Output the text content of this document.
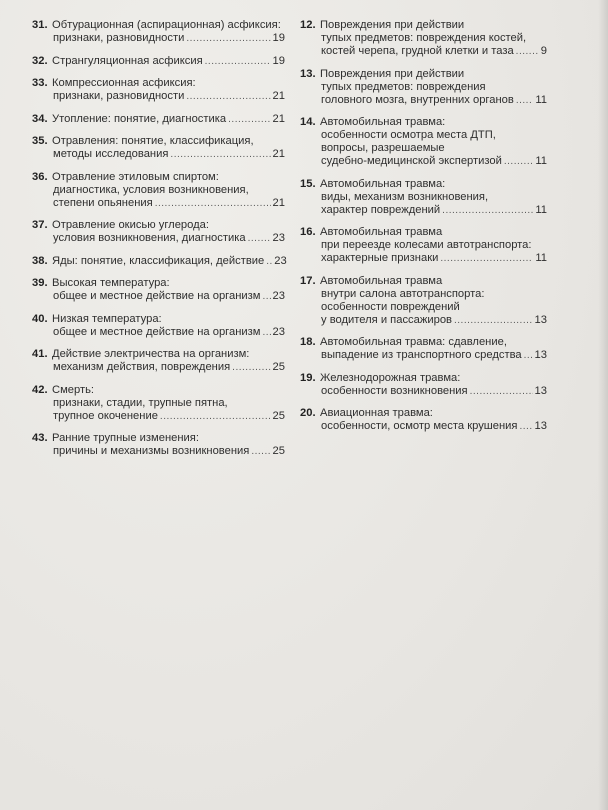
31. Обтурационная (аспирационная) асфиксия:
признаки, разновидности .....	19
32. Странгуляционная асфиксия .....	19
33. Компрессионная асфиксия:
признаки, разновидности .....	21
34. Утопление: понятие, диагностика .....	21
35. Отравления: понятие, классификация,
методы исследования .....	21
36. Отравление этиловым спиртом:
диагностика, условия возникновения,
степени опьянения .....	21
37. Отравление окисью углерода:
условия возникновения, диагностика ..... 23
38. Яды: понятие, классификация, действие ..... 23
39. Высокая температура:
общее и местное действие на организм ..... 23
40. Низкая температура:
общее и местное действие на организм ..... 23
41. Действие электричества на организм:
механизм действия, повреждения .....	25
42. Смерть:
признаки, стадии, трупные пятна,
трупное окоченение .....	25
43. Ранние трупные изменения:
причины и механизмы возникновения ..... 25
12. Повреждения при действии
тупых предметов: повреждения костей,
костей черепа, грудной клетки и таза ..... 9
13. Повреждения при действии
тупых предметов: повреждения
головного мозга, внутренних органов ..... 11
14. Автомобильная травма:
особенности осмотра места ДТП,
вопросы, разрешаемые
судебно-медицинской экспертизой .....	11
15. Автомобильная травма:
виды, механизм возникновения,
характер повреждений .....	11
16. Автомобильная травма
при переезде колесами автотранспорта:
характерные признаки .....	11
17. Автомобильная травма
внутри салона автотранспорта:
особенности повреждений
у водителя и пассажиров .....	13
18. Автомобильная травма: сдавление,
выпадение из транспортного средства ..... 13
19. Железнодорожная травма:
особенности возникновения .....	13
20. Авиационная травма:
особенности, осмотр места крушения ..... 13
